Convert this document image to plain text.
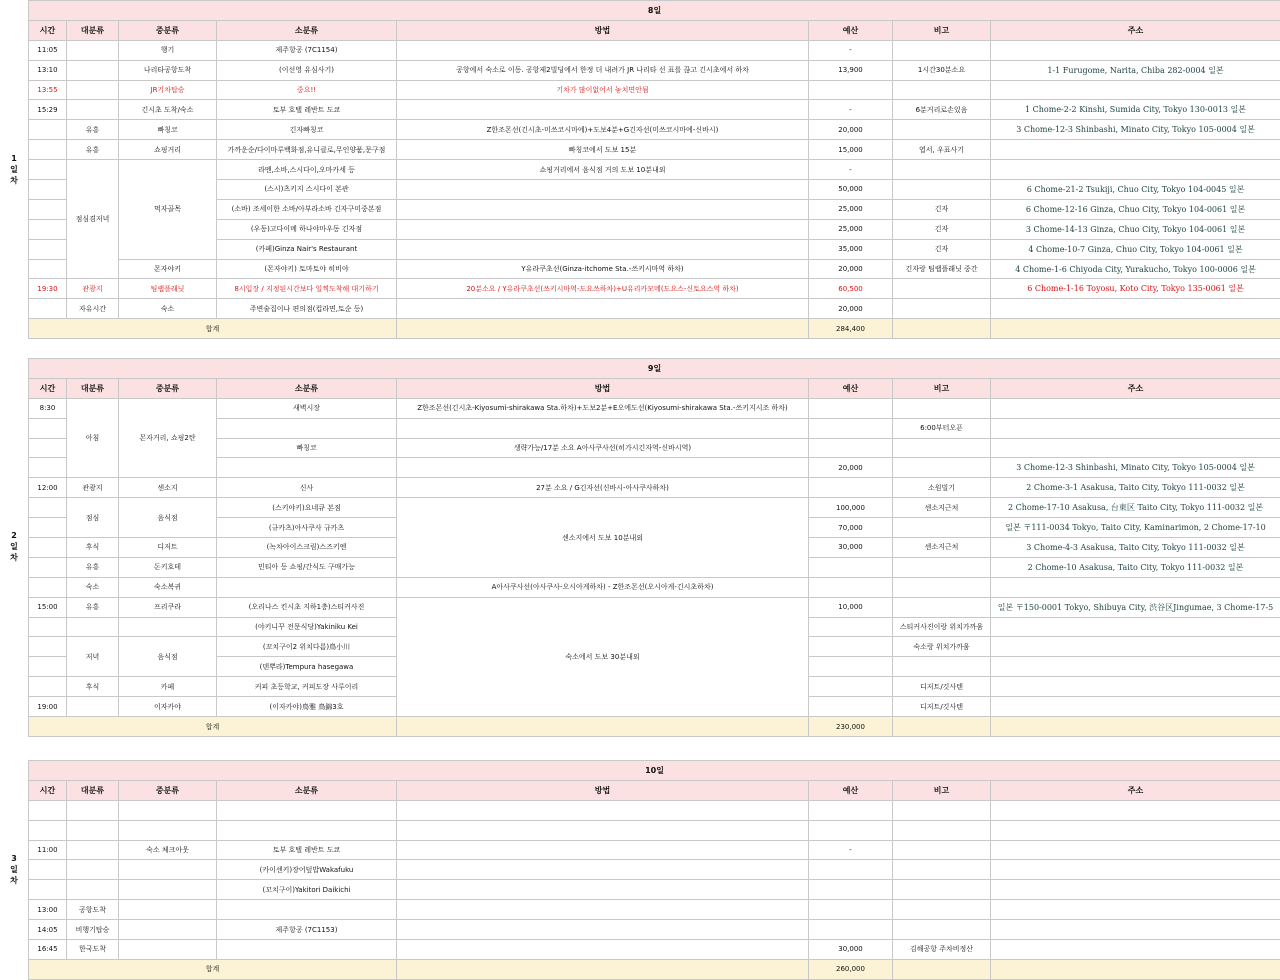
1
일
차
8일							
시간	대분류	중분류	소분류	방법	예산	비고	주소
11:05		행기	제주항공 (7C1154)		-		
13:10		나리타공항도착	(이선영 유심사기)	공항에서 숙소로 이동. 공항제2빌딩에서 한정 더 내려가 JR 나리타 선 표를 끊고 긴시초에서 하차	13,900	1시간30분소요	1-1 Furugome, Narita, Chiba 282-0004 일본
13:55		JR기차탑승	중요!!	기차가 많이없어서 놓치면안됨			
15:29		긴시초 도착/숙소	토부 호텔 레반트 도쿄		-	6분거리로손있음	1 Chome-2-2 Kinshi, Sumida City, Tokyo 130-0013 일본
	유흥	빠칭코	긴자빠칭코	Z한조몬선(긴시초-미쓰코시마에)+도보4분+G긴자선(미쓰코시마에-신바시)	20,000		3 Chome-12-3 Shinbashi, Minato City, Tokyo 105-0004 일본
	유흥	쇼핑거리	가까운순/다이마루백화점,유니클로,무인양품,문구점	빠칭코에서 도보 15분	15,000	엽서, 우표사기	
	점심겸저녁	먹자골목	라멘,소바,스시다이,오마카세 등	쇼핑거리에서 음식점 거의 도보 10분내외	-		
			(스시)츠키지 스시다이 본관		50,000		6 Chome-21-2 Tsukiji, Chuo City, Tokyo 104-0045 일본
			(소바) 조세이한 소바/아부라소바 긴자구미중본점		25,000	긴자	6 Chome-12-16 Ginza, Chuo City, Tokyo 104-0061 일본
			(우동)고다이메 하나야마우동 긴자점		25,000	긴자	3 Chome-14-13 Ginza, Chuo City, Tokyo 104-0061 일본
			(카페)Ginza Nair's Restaurant		35,000	긴자	4 Chome-10-7 Ginza, Chuo City, Tokyo 104-0061 일본
		몬자야키	(몬자야키) 토마토야 히비야	Y유라쿠초선(Ginza-itchome Sta.-쓰키시마역 하차)	20,000	긴자랑 팀랩플래닛 중간	4 Chome-1-6 Chiyoda City, Yurakucho, Tokyo 100-0006 일본
19:30	관광지	팀랩플래닛	8시입장 / 지정된시간보다 일찍도착해 대기하기	20분소요 / Y유라쿠초선(쓰키시마역-도요쓰하차)+U유리카모메(도요스-신토요스역 하차)	60,500		6 Chome-1-16 Toyosu, Koto City, Tokyo 135-0061 일본
	자유시간	숙소	주변술집이나 편의점(컵라면,토순 등)		20,000		
합계					284,400		
2
일
차
9일							
시간	대분류	중분류	소분류	방법	예산	비고	주소
8:30	아침	몬자거리, 쇼핑2탄	새벽시장	Z한조몬선(긴시초-Kiyosumi-shirakawa Sta.하차)+도보2분+E오에도선(Kiyosumi-shirakawa Sta.-쓰키지시조 하차)			
						6:00부터오픈	
			빠칭코	생략가능/17분 소요 A아사쿠사선(히가시긴자역-신바시역)			
					20,000		3 Chome-12-3 Shinbashi, Minato City, Tokyo 105-0004 일본
12:00	관광지	센소지	신사	27분 소요 / G긴자선(신바시-아사쿠사하차)		소원빌기	2 Chome-3-1 Asakusa, Taito City, Tokyo 111-0032 일본
	점심	음식점	(스키야키)요네큐 본점	센소지에서 도보 10분내외	100,000	센소지근처	2 Chome-17-10 Asakusa, 台東区 Taito City, Tokyo 111-0032 일본
			(규카츠)아사쿠사 규카츠		70,000		일본 〒111-0034 Tokyo, Taito City, Kaminarimon, 2 Chome-17-10
	후식	디저트	(녹차아이스크림)스즈키엔		30,000	센소지근처	3 Chome-4-3 Asakusa, Taito City, Tokyo 111-0032 일본
	유흥	돈키호테	민티아 등 쇼핑/간식도 구매가능				2 Chome-10 Asakusa, Taito City, Tokyo 111-0032 일본
	숙소	숙소복귀		A아사쿠사선(아사쿠사-오시아게하차) - Z한조몬선(오시아게-긴시초하차)			
15:00	유흥	프리쿠라	(오리나스 킨시초 지하1층)스티커사진	숙소에서 도보 30분내외	10,000		일본 〒150-0001 Tokyo, Shibuya City, 渋谷区Jingumae, 3 Chome-17-5
			(야키니꾸 전문식당)Yakiniku Kei			스티커사진이랑 위치가까움	
	저녁	음식점	(꼬치구이2 위치다름)鳥小川			숙소랑 위치가까움	
			(덴뿌라)Tempura hasegawa				
	후식	카페	커피 초등학교, 커피도장 사루이리			디저트/깃사텐	
19:00		이자카야	(이자카야)鳥雅 鳥錦3호			디저트/깃사텐	
합계					230,000		
3
일
차
10일							
시간	대분류	중분류	소분류	방법	예산	비고	주소

11:00		숙소 체크아웃	토부 호텔 레반트 도쿄		-		
			(카이센키)장어덮밥Wakafuku				
			(꼬치구이)Yakitori Daikichi				
13:00	공항도착						
14:05	비행기탑승		제주항공 (7C1153)				
16:45	한국도착				30,000	김해공항 주차비정산	
합계					260,000		
